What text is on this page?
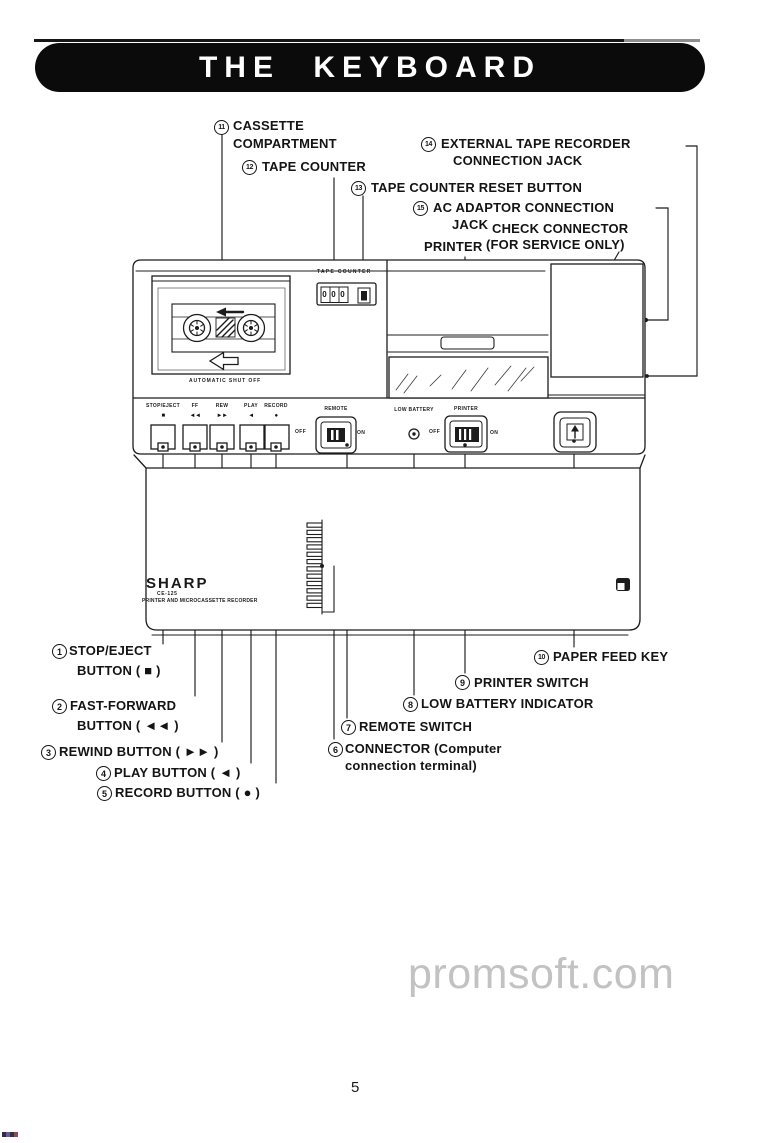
THE KEYBOARD
TAPE COUNTER
0 0 0
AUTOMATIC SHUT OFF
STOP/EJECT	FF	REW	PLAY	RECORD
■	◄◄	►►	◄	●
REMOTE
OFF	ON
LOW BATTERY
OFF
PRINTER
ON
SHARP
CE-125
PRINTER AND MICROCASSETTE RECORDER
11 CASSETTE
COMPARTMENT
12 TAPE COUNTER
13 TAPE COUNTER RESET BUTTON
14 EXTERNAL TAPE RECORDER
CONNECTION JACK
15 AC ADAPTOR CONNECTION
JACK CHECK CONNECTOR
(FOR SERVICE ONLY)
PRINTER
1 STOP/EJECT
BUTTON ( ■ )
2 FAST-FORWARD
BUTTON ( ◄◄ )
3 REWIND BUTTON ( ►► )
4 PLAY BUTTON ( ◄ )
5 RECORD BUTTON ( ● )
6 CONNECTOR (Computer
connection terminal)
7 REMOTE SWITCH
8 LOW BATTERY INDICATOR
9 PRINTER SWITCH
10 PAPER FEED KEY
promsoft.com
5
